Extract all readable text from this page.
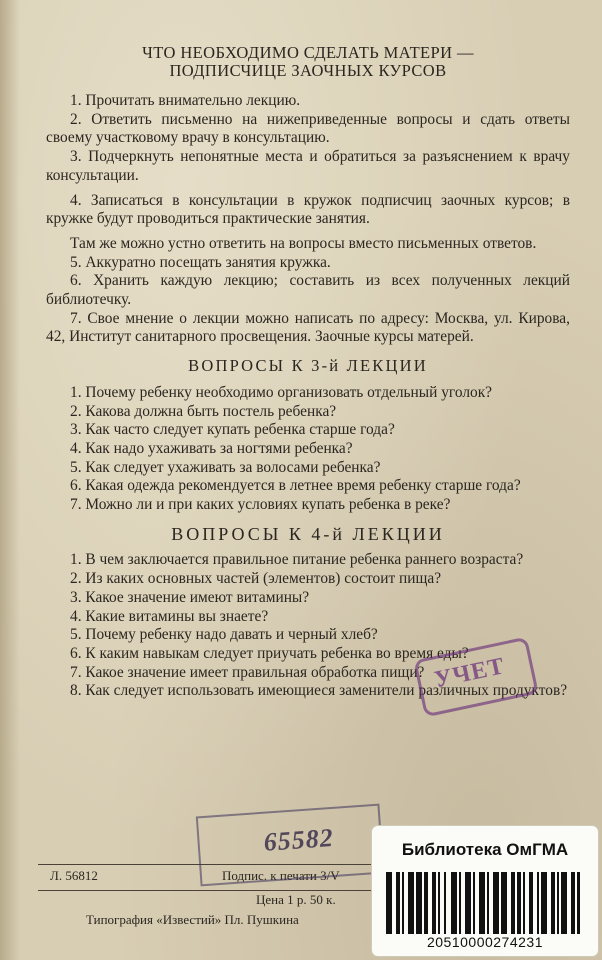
ЧТО НЕОБХОДИМО СДЕЛАТЬ МАТЕРИ —
ПОДПИСЧИЦЕ ЗАОЧНЫХ КУРСОВ

1. Прочитать внимательно лекцию.

2. Ответить письменно на нижеприведенные вопросы и сдать ответы своему участковому врачу в консультацию.

3. Подчеркнуть непонятные места и обратиться за разъяснением к врачу консультации.

4. Записаться в консультации в кружок подписчиц заочных курсов; в кружке будут проводиться практические занятия.

Там же можно устно ответить на вопросы вместо письменных ответов.

5. Аккуратно посещать занятия кружка.

6. Хранить каждую лекцию; составить из всех полученных лекций библиотечку.

7. Свое мнение о лекции можно написать по адресу: Москва, ул. Кирова, 42, Институт санитарного просвещения. Заочные курсы матерей.

ВОПРОСЫ К 3-й ЛЕКЦИИ

1. Почему ребенку необходимо организовать отдельный уголок?

2. Какова должна быть постель ребенка?

3. Как часто следует купать ребенка старше года?

4. Как надо ухаживать за ногтями ребенка?

5. Как следует ухаживать за волосами ребенка?

6. Какая одежда рекомендуется в летнее время ребенку старше года?

7. Можно ли и при каких условиях купать ребенка в реке?

ВОПРОСЫ К 4-й ЛЕКЦИИ

1. В чем заключается правильное питание ребенка раннего возраста?

2. Из каких основных частей (элементов) состоит пища?

3. Какое значение имеют витамины?

4. Какие витамины вы знаете?

5. Почему ребенку надо давать и черный хлеб?

6. К каким навыкам следует приучать ребенка во время еды?

7. Какое значение имеет правильная обработка пищи?

8. Как следует использовать имеющиеся заменители различных продуктов?

Л. 56812	Подпис. к печати 3/V
Цена 1 р. 50 к.
Типография «Известий» Пл. Пушкина
УЧЕТ
65582	Библиотека ОмГМА
20510000274231
